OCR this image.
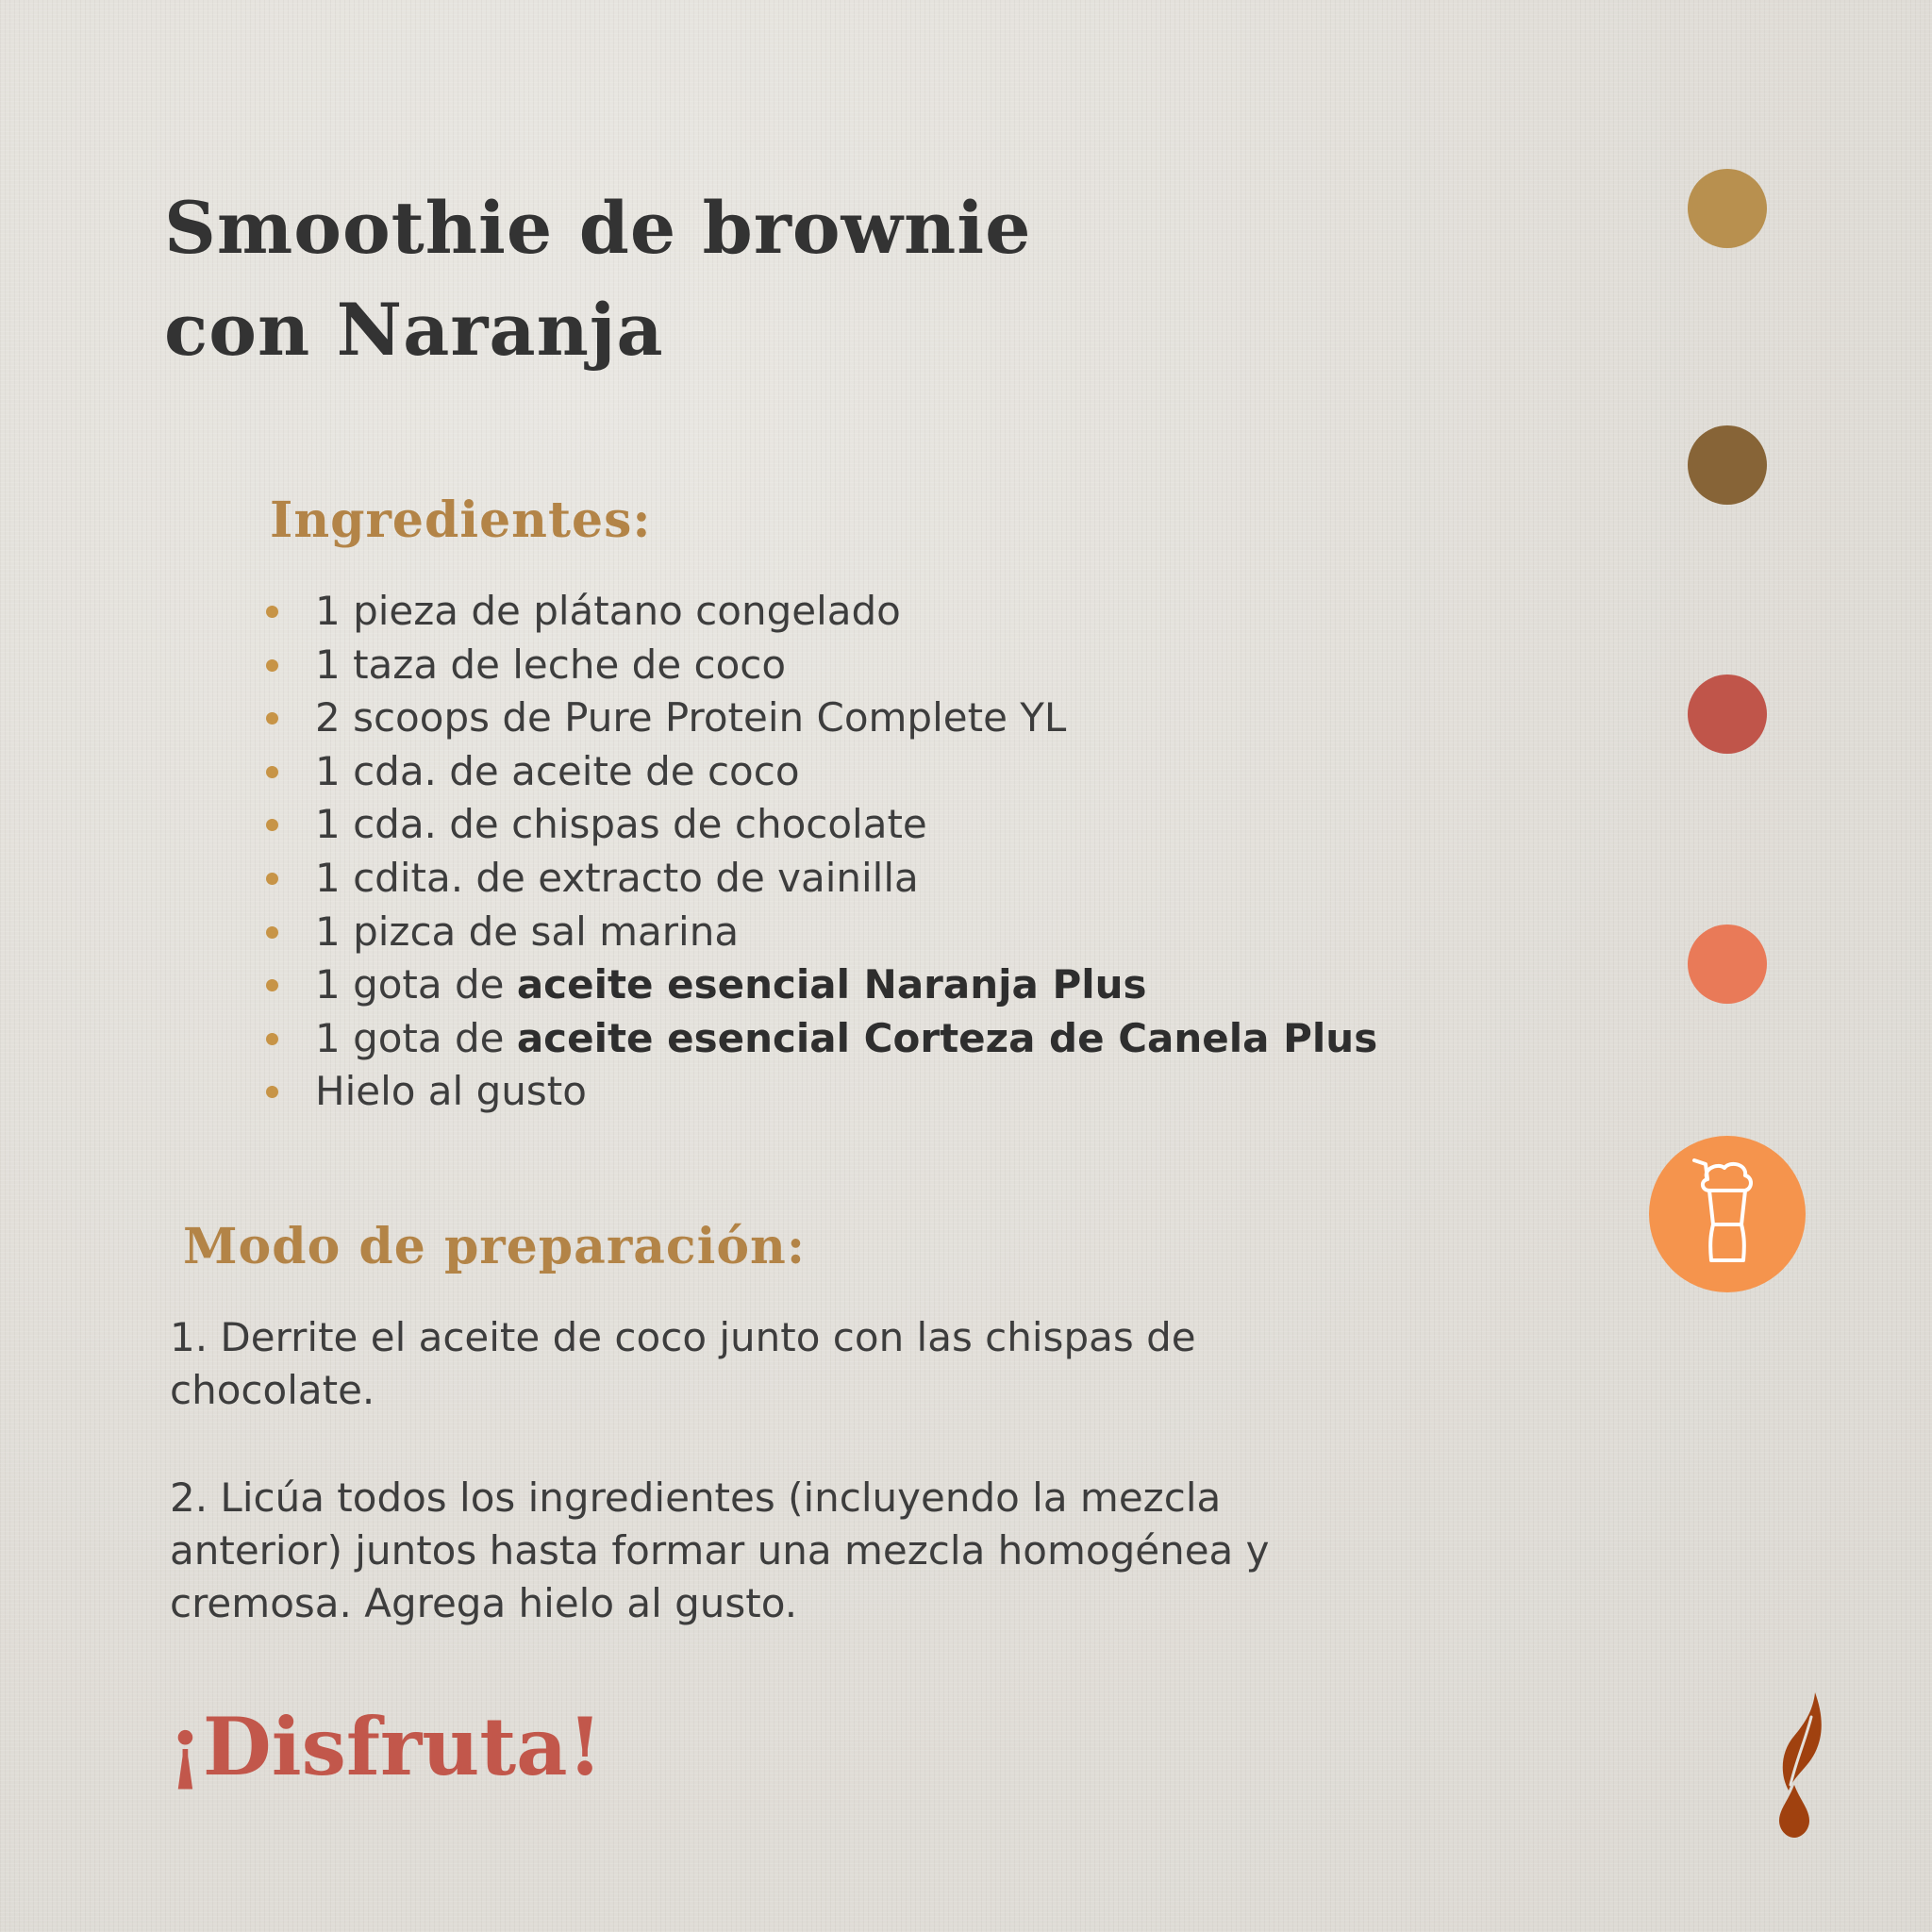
Smoothie de brownie
con Naranja
Ingredientes:
1 pieza de plátano congelado
1 taza de leche de coco
2 scoops de Pure Protein Complete YL
1 cda. de aceite de coco
1 cda. de chispas de chocolate
1 cdita. de extracto de vainilla
1 pizca de sal marina
1 gota de aceite esencial Naranja Plus
1 gota de aceite esencial Corteza de Canela Plus
Hielo al gusto
Modo de preparación:

1. Derrite el aceite de coco junto con las chispas de chocolate.

2. Licúa todos los ingredientes (incluyendo la mezcla anterior) juntos hasta formar una mezcla homogénea y cremosa. Agrega hielo al gusto.

¡Disfruta!
